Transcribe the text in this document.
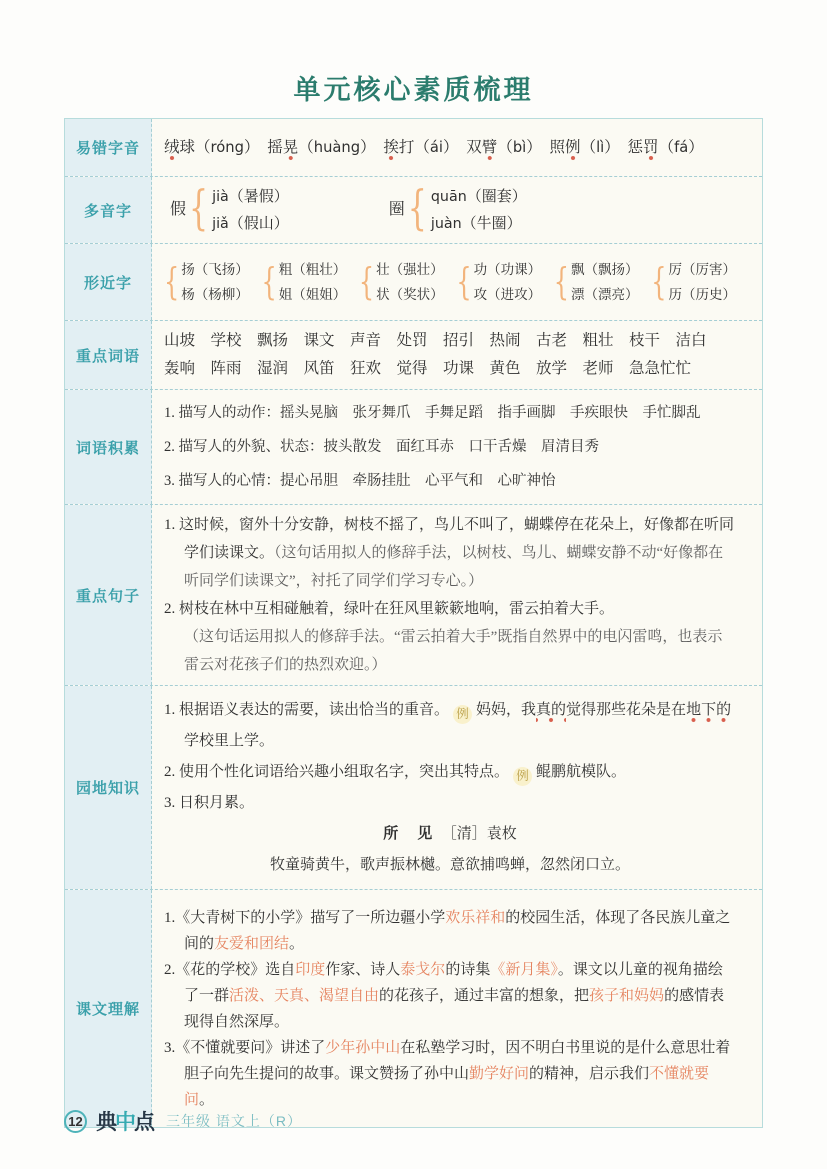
单元核心素质梳理
易错字音 绒球（róng）　摇晃（huàng）　挨打（ái）　双臂（bì）　照例（lì）　惩罚（fá）
多音字 假 { jià（暑假）
jiǎ（假山）
圈 { quān（圈套）
juàn（牛圈）
形近字 { 扬（飞扬）
杨（杨柳） { 粗（粗壮）
姐（姐姐） { 壮（强壮）
状（奖状） { 功（功课）
攻（进攻） { 飘（飘扬）
漂（漂亮） { 厉（厉害）
历（历史）
重点词语
山坡　学校　飘扬　课文　声音　处罚　招引　热闹　古老　粗壮　枝干　洁白
轰响　阵雨　湿润　风笛　狂欢　觉得　功课　黄色　放学　老师　急急忙忙
词语积累
1. 描写人的动作：摇头晃脑　张牙舞爪　手舞足蹈　指手画脚　手疾眼快　手忙脚乱
2. 描写人的外貌、状态：披头散发　面红耳赤　口干舌燥　眉清目秀
3. 描写人的心情：提心吊胆　牵肠挂肚　心平气和　心旷神怡
重点句子
1. 这时候，窗外十分安静，树枝不摇了，鸟儿不叫了，蝴蝶停在花朵上，好像都在听同学们读课文。（这句话用拟人的修辞手法，以树枝、鸟儿、蝴蝶安静不动“好像都在听同学们读课文”，衬托了同学们学习专心。）
2. 树枝在林中互相碰触着，绿叶在狂风里簌簌地响，雷云拍着大手。
（这句话运用拟人的修辞手法。“雷云拍着大手”既指自然界中的电闪雷鸣，也表示雷云对花孩子们的热烈欢迎。）
园地知识
1. 根据语义表达的需要，读出恰当的重音。 例 妈妈，我真的觉得那些花朵是在地下的学校里上学。
2. 使用个性化词语给兴趣小组取名字，突出其特点。 例 鲲鹏航模队。
3. 日积月累。
所　见　［清］袁枚
牧童骑黄牛，歌声振林樾。意欲捕鸣蝉，忽然闭口立。
课文理解
1.《大青树下的小学》描写了一所边疆小学欢乐祥和的校园生活，体现了各民族儿童之间的友爱和团结。
2.《花的学校》选自印度作家、诗人泰戈尔的诗集《新月集》。课文以儿童的视角描绘了一群活泼、天真、渴望自由的花孩子，通过丰富的想象，把孩子和妈妈的感情表现得自然深厚。
3.《不懂就要问》讲述了少年孙中山在私塾学习时，因不明白书里说的是什么意思壮着胆子向先生提问的故事。课文赞扬了孙中山勤学好问的精神，启示我们不懂就要问。
12 典中点 三年级 语文上（R）
